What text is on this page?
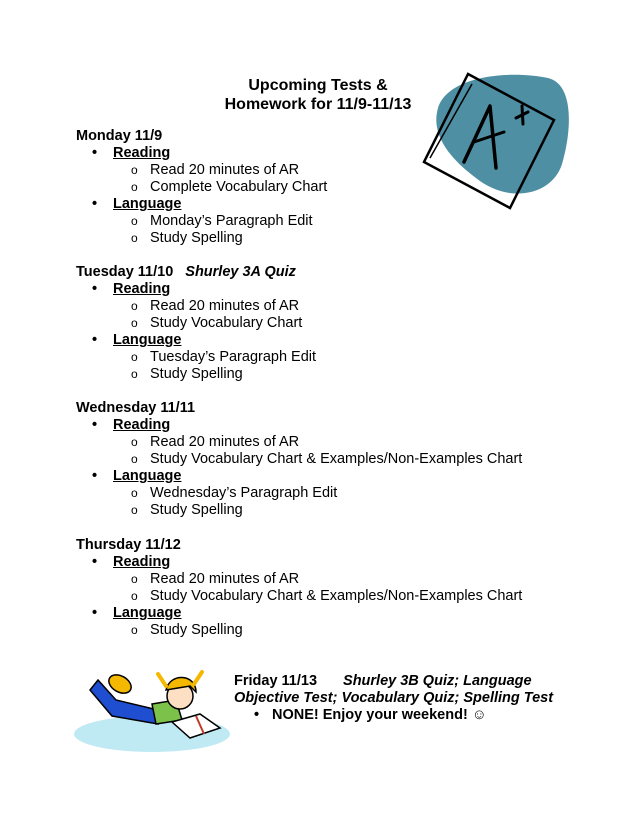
Upcoming Tests &
Homework for 11/9-11/13
Monday 11/9
• Reading
o Read 20 minutes of AR
o Complete Vocabulary Chart
• Language
o Monday’s Paragraph Edit
o Study Spelling
Tuesday 11/10 Shurley 3A Quiz
• Reading
o Read 20 minutes of AR
o Study Vocabulary Chart
• Language
o Tuesday’s Paragraph Edit
o Study Spelling
Wednesday 11/11
• Reading
o Read 20 minutes of AR
o Study Vocabulary Chart & Examples/Non-Examples Chart
• Language
o Wednesday’s Paragraph Edit
o Study Spelling
Thursday 11/12
• Reading
o Read 20 minutes of AR
o Study Vocabulary Chart & Examples/Non-Examples Chart
• Language
o Study Spelling
Friday 11/13 Shurley 3B Quiz; Language
Objective Test; Vocabulary Quiz; Spelling Test
• NONE! Enjoy your weekend! ☺
